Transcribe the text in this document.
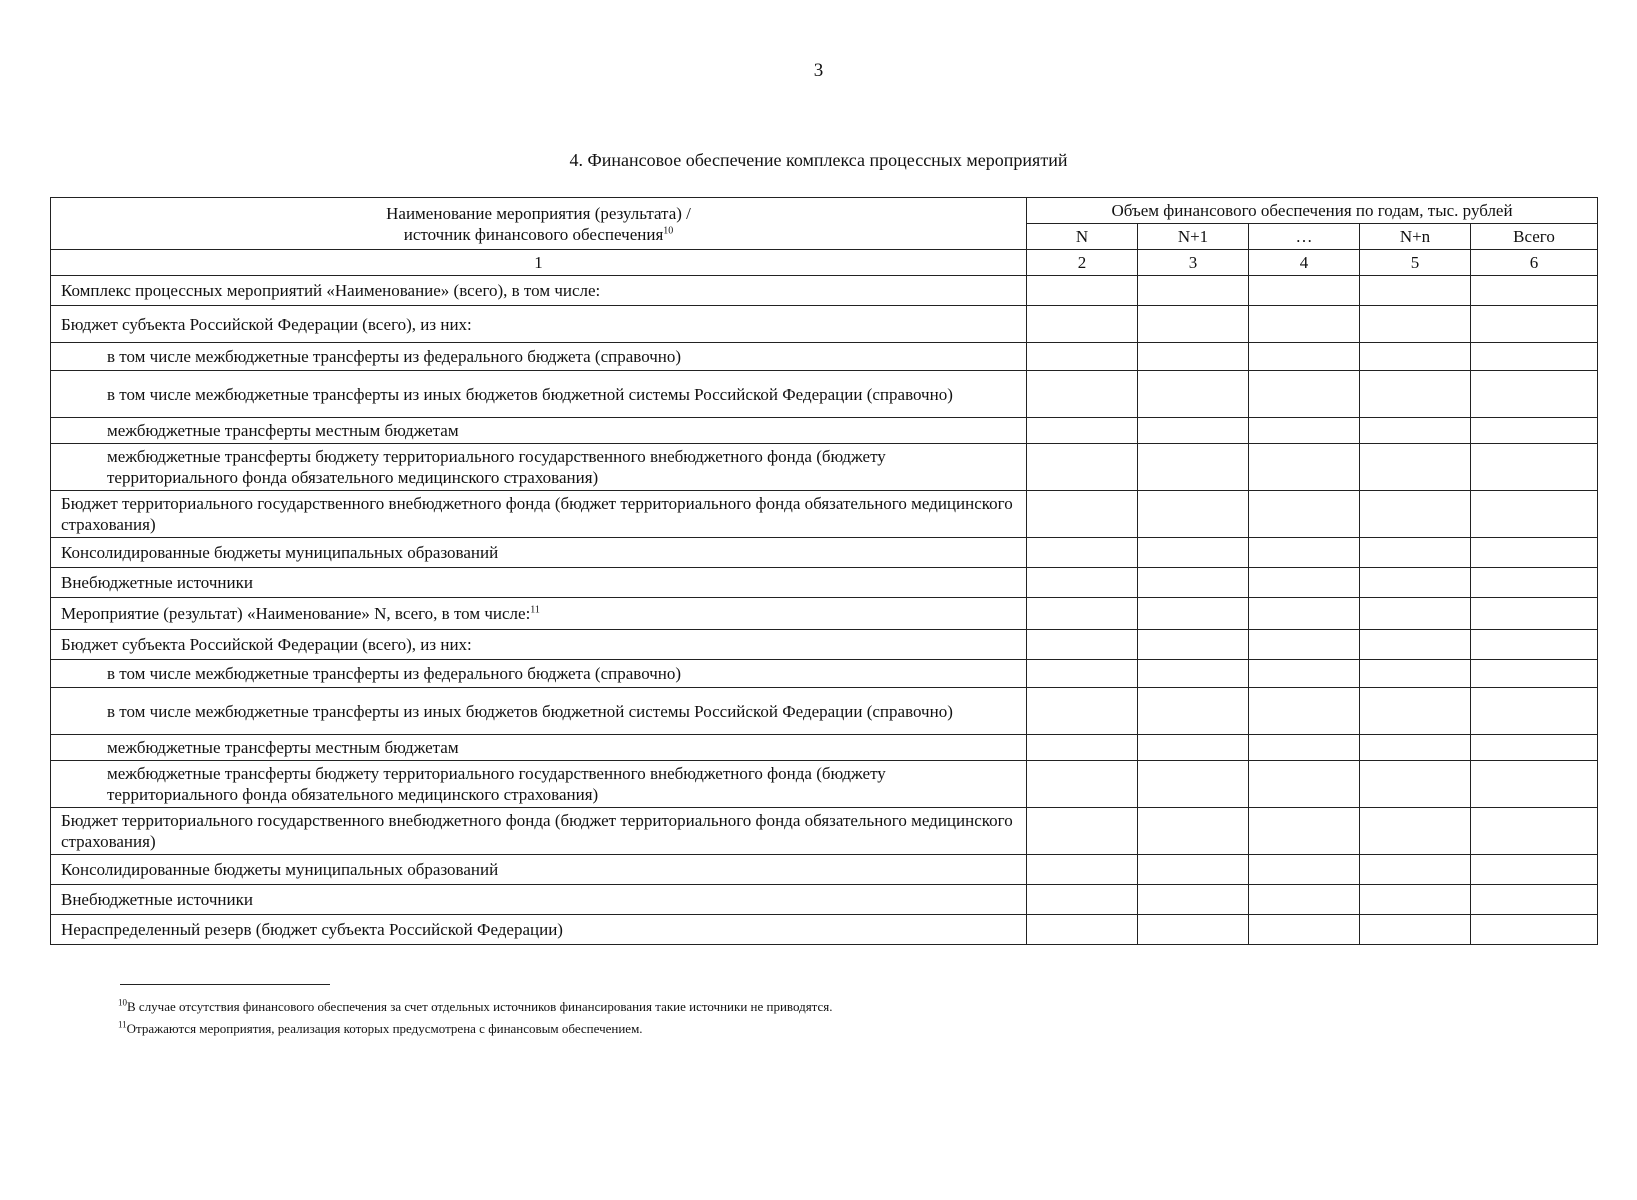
3
4. Финансовое обеспечение комплекса процессных мероприятий
Наименование мероприятия (результата) /
источник финансового обеспечения$^{10}$	Объем финансового обеспечения по годам, тыс. рублей				
	N	N+1	…	N+n	Всего
1	2	3	4	5	6
Комплекс процессных мероприятий «Наименование» (всего), в том числе:					
Бюджет субъекта Российской Федерации (всего), из них:					
в том числе межбюджетные трансферты из федерального бюджета (справочно)					
в том числе межбюджетные трансферты из иных бюджетов бюджетной системы Российской Федерации (справочно)					
межбюджетные трансферты местным бюджетам					
межбюджетные трансферты бюджету территориального государственного внебюджетного фонда (бюджету территориального фонда обязательного медицинского страхования)					
Бюджет территориального государственного внебюджетного фонда (бюджет территориального фонда обязательного медицинского страхования)					
Консолидированные бюджеты муниципальных образований					
Внебюджетные источники					
Мероприятие (результат) «Наименование» N, всего, в том числе:$^{11}$					
Бюджет субъекта Российской Федерации (всего), из них:					
в том числе межбюджетные трансферты из федерального бюджета (справочно)					
в том числе межбюджетные трансферты из иных бюджетов бюджетной системы Российской Федерации (справочно)					
межбюджетные трансферты местным бюджетам					
межбюджетные трансферты бюджету территориального государственного внебюджетного фонда (бюджету территориального фонда обязательного медицинского страхования)					
Бюджет территориального государственного внебюджетного фонда (бюджет территориального фонда обязательного медицинского страхования)					
Консолидированные бюджеты муниципальных образований					
Внебюджетные источники					
Нераспределенный резерв (бюджет субъекта Российской Федерации)					
$^{10}$В случае отсутствия финансового обеспечения за счет отдельных источников финансирования такие источники не приводятся.
$^{11}$Отражаются мероприятия, реализация которых предусмотрена с финансовым обеспечением.
